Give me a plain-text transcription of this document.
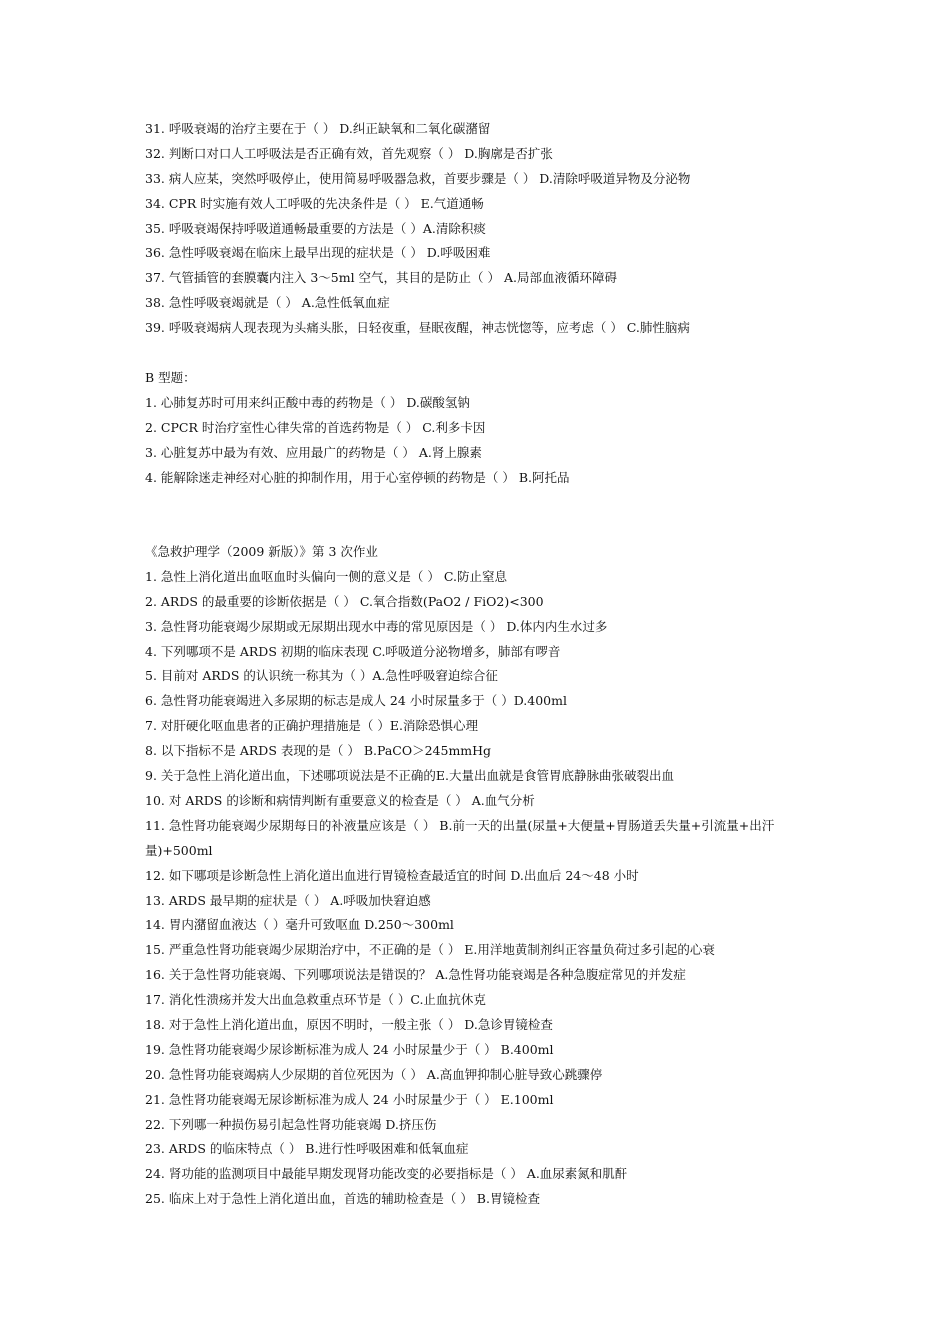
31. 呼吸衰竭的治疗主要在于（ ） D.纠正缺氧和二氧化碳潴留
32. 判断口对口人工呼吸法是否正确有效，首先观察（ ） D.胸廓是否扩张
33. 病人应某，突然呼吸停止，使用简易呼吸器急救，首要步骤是（ ） D.清除呼吸道异物及分泌物
34. CPR 时实施有效人工呼吸的先决条件是（ ） E.气道通畅
35. 呼吸衰竭保持呼吸道通畅最重要的方法是（ ）A.清除积痰
36. 急性呼吸衰竭在临床上最早出现的症状是（ ） D.呼吸困难
37. 气管插管的套膜囊内注入 3～5ml 空气，其目的是防止（ ） A.局部血液循环障碍
38. 急性呼吸衰竭就是（ ） A.急性低氧血症
39. 呼吸衰竭病人现表现为头痛头胀，日轻夜重，昼眠夜醒，神志恍惚等，应考虑（ ） C.肺性脑病
B 型题：
1. 心肺复苏时可用来纠正酸中毒的药物是（ ） D.碳酸氢钠
2. CPCR 时治疗室性心律失常的首选药物是（ ） C.利多卡因
3. 心脏复苏中最为有效、应用最广的药物是（ ） A.肾上腺素
4. 能解除迷走神经对心脏的抑制作用，用于心室停顿的药物是（ ） B.阿托品
《急救护理学（2009 新版）》第 3 次作业
1. 急性上消化道出血呕血时头偏向一侧的意义是（ ） C.防止窒息
2. ARDS 的最重要的诊断依据是（ ） C.氧合指数(PaO2 / FiO2)<300
3. 急性肾功能衰竭少尿期或无尿期出现水中毒的常见原因是（ ） D.体内内生水过多
4. 下列哪项不是 ARDS 初期的临床表现 C.呼吸道分泌物增多，肺部有啰音
5. 目前对 ARDS 的认识统一称其为（ ）A.急性呼吸窘迫综合征
6. 急性肾功能衰竭进入多尿期的标志是成人 24 小时尿量多于（ ）D.400ml
7. 对肝硬化呕血患者的正确护理措施是（ ）E.消除恐惧心理
8. 以下指标不是 ARDS 表现的是（ ） B.PaCO＞245mmHg
9. 关于急性上消化道出血，下述哪项说法是不正确的E.大量出血就是食管胃底静脉曲张破裂出血
10. 对 ARDS 的诊断和病情判断有重要意义的检查是（ ） A.血气分析
11. 急性肾功能衰竭少尿期每日的补液量应该是（ ） B.前一天的出量(尿量+大便量+胃肠道丢失量+引流量+出汗量)+500ml
12. 如下哪项是诊断急性上消化道出血进行胃镜检查最适宜的时间 D.出血后 24～48 小时
13. ARDS 最早期的症状是（ ） A.呼吸加快窘迫感
14. 胃内潴留血液达（ ）毫升可致呕血 D.250～300ml
15. 严重急性肾功能衰竭少尿期治疗中，不正确的是（ ） E.用洋地黄制剂纠正容量负荷过多引起的心衰
16. 关于急性肾功能衰竭、下列哪项说法是错误的？ A.急性肾功能衰竭是各种急腹症常见的并发症
17. 消化性溃疡并发大出血急救重点环节是（ ）C.止血抗休克
18. 对于急性上消化道出血，原因不明时，一般主张（ ） D.急诊胃镜检查
19. 急性肾功能衰竭少尿诊断标准为成人 24 小时尿量少于（ ） B.400ml
20. 急性肾功能衰竭病人少尿期的首位死因为（ ） A.高血钾抑制心脏导致心跳骤停
21. 急性肾功能衰竭无尿诊断标准为成人 24 小时尿量少于（ ） E.100ml
22. 下列哪一种损伤易引起急性肾功能衰竭 D.挤压伤
23. ARDS 的临床特点（ ） B.进行性呼吸困难和低氧血症
24. 肾功能的监测项目中最能早期发现肾功能改变的必要指标是（ ） A.血尿素氮和肌酐
25. 临床上对于急性上消化道出血，首选的辅助检查是（ ） B.胃镜检查
